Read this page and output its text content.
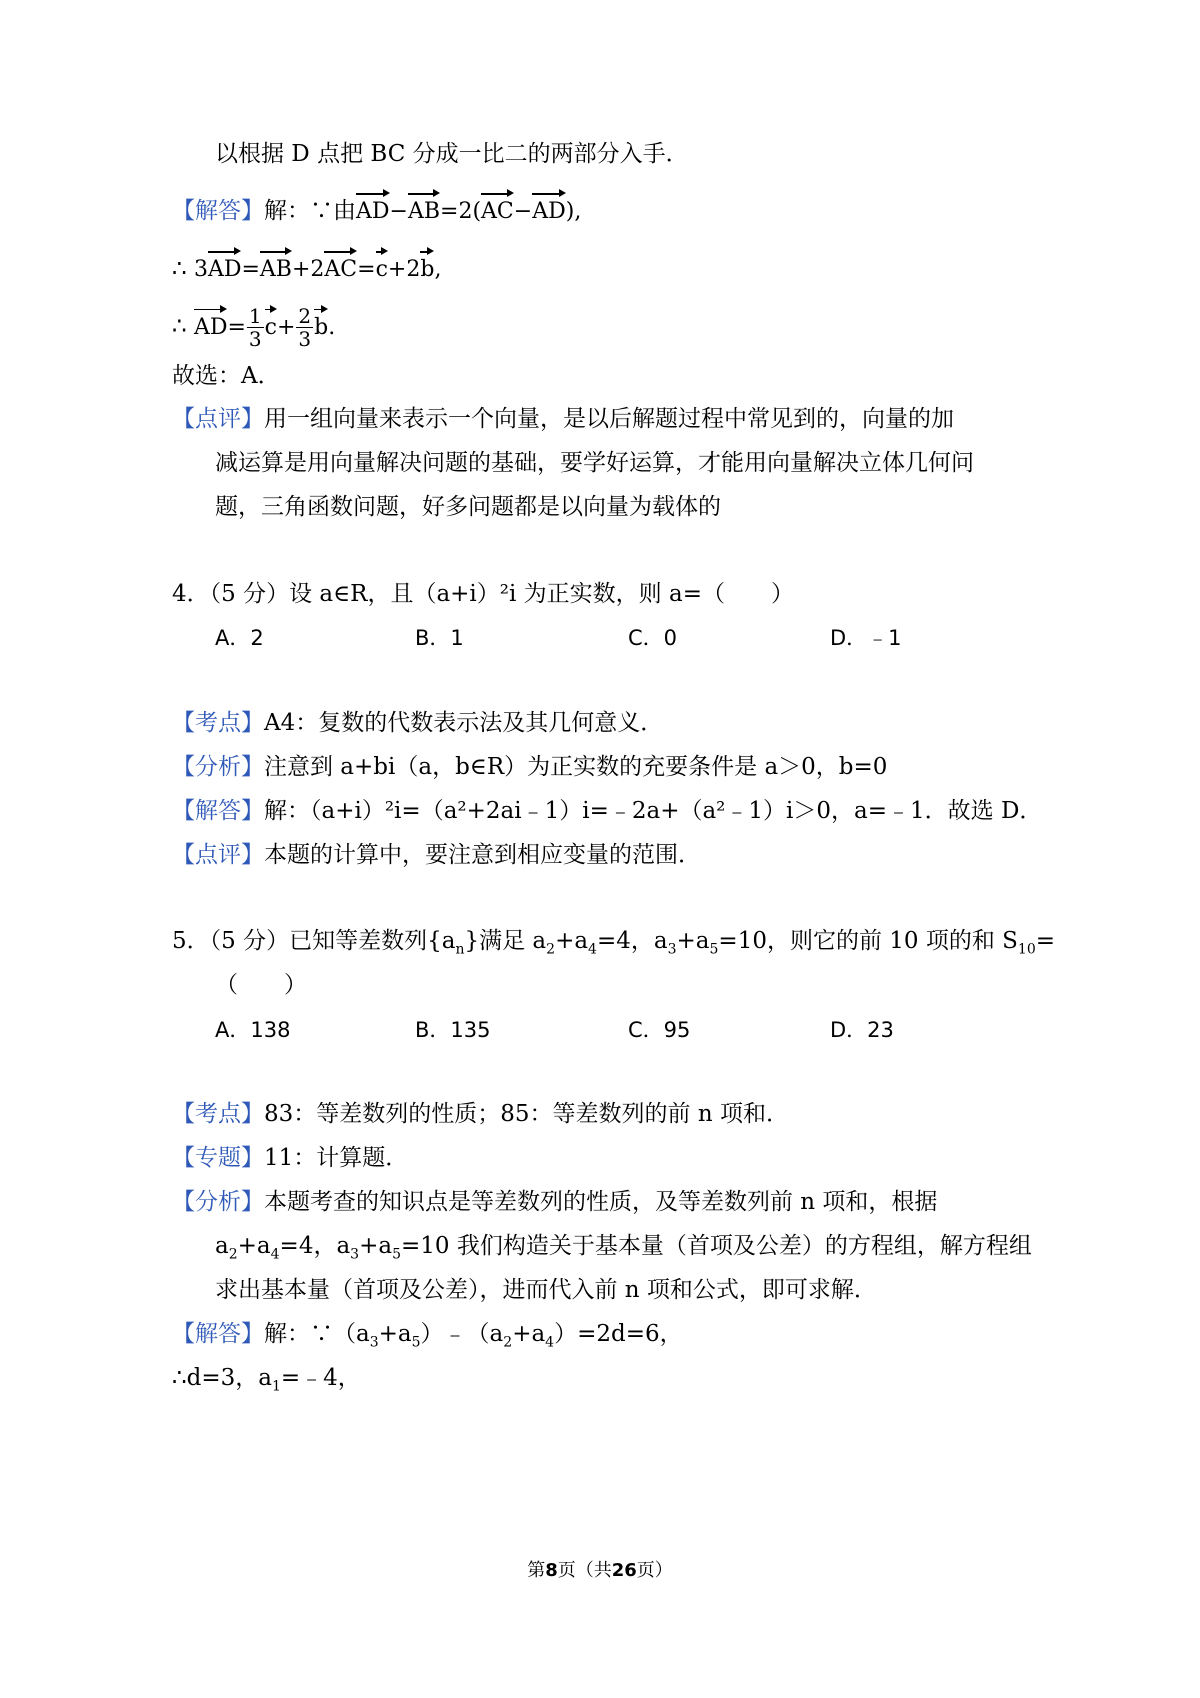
以根据 D 点把 BC 分成一比二的两部分入手．
【解答】解：∵由AD−AB=2(AC−AD),
∴ 3AD=AB+2AC=c+2b,
∴ $AD= \frac{1}{3} c+ \frac{2}{3} b$.
故选：A．
【点评】用一组向量来表示一个向量，是以后解题过程中常见到的，向量的加
减运算是用向量解决问题的基础，要学好运算，才能用向量解决立体几何问
题，三角函数问题，好多问题都是以向量为载体的
4．（5 分）设 a∈R，且（a+i）²i 为正实数，则 a=（　　）
A．2	B．1	C．0	D．﹣1
【考点】A4：复数的代数表示法及其几何意义．
【分析】注意到 a+bi（a，b∈R）为正实数的充要条件是 a＞0，b=0
【解答】解：（a+i）²i=（a²+2ai﹣1）i=﹣2a+（a²﹣1）i＞0，a=﹣1．故选 D．
【点评】本题的计算中，要注意到相应变量的范围．
5．（5 分）已知等差数列$\{a_n\}$满足 $a_2+a_4=4$，$a_3+a_5=10$，则它的前 10 项的和 $S_{10}=$
（　　）
A．138	B．135	C．95	D．23
【考点】83：等差数列的性质；85：等差数列的前 n 项和．
【专题】11：计算题．
【分析】本题考查的知识点是等差数列的性质，及等差数列前 n 项和，根据
$a_2+a_4=4$，$a_3+a_5=10$ 我们构造关于基本量（首项及公差）的方程组，解方程组
求出基本量（首项及公差），进而代入前 n 项和公式，即可求解．
【解答】解：$\because(a_3+a_5)﹣(a_2+a_4)=2d=6$，
∴d=3，$a_1=﹣4$，
第8页（共26页）
